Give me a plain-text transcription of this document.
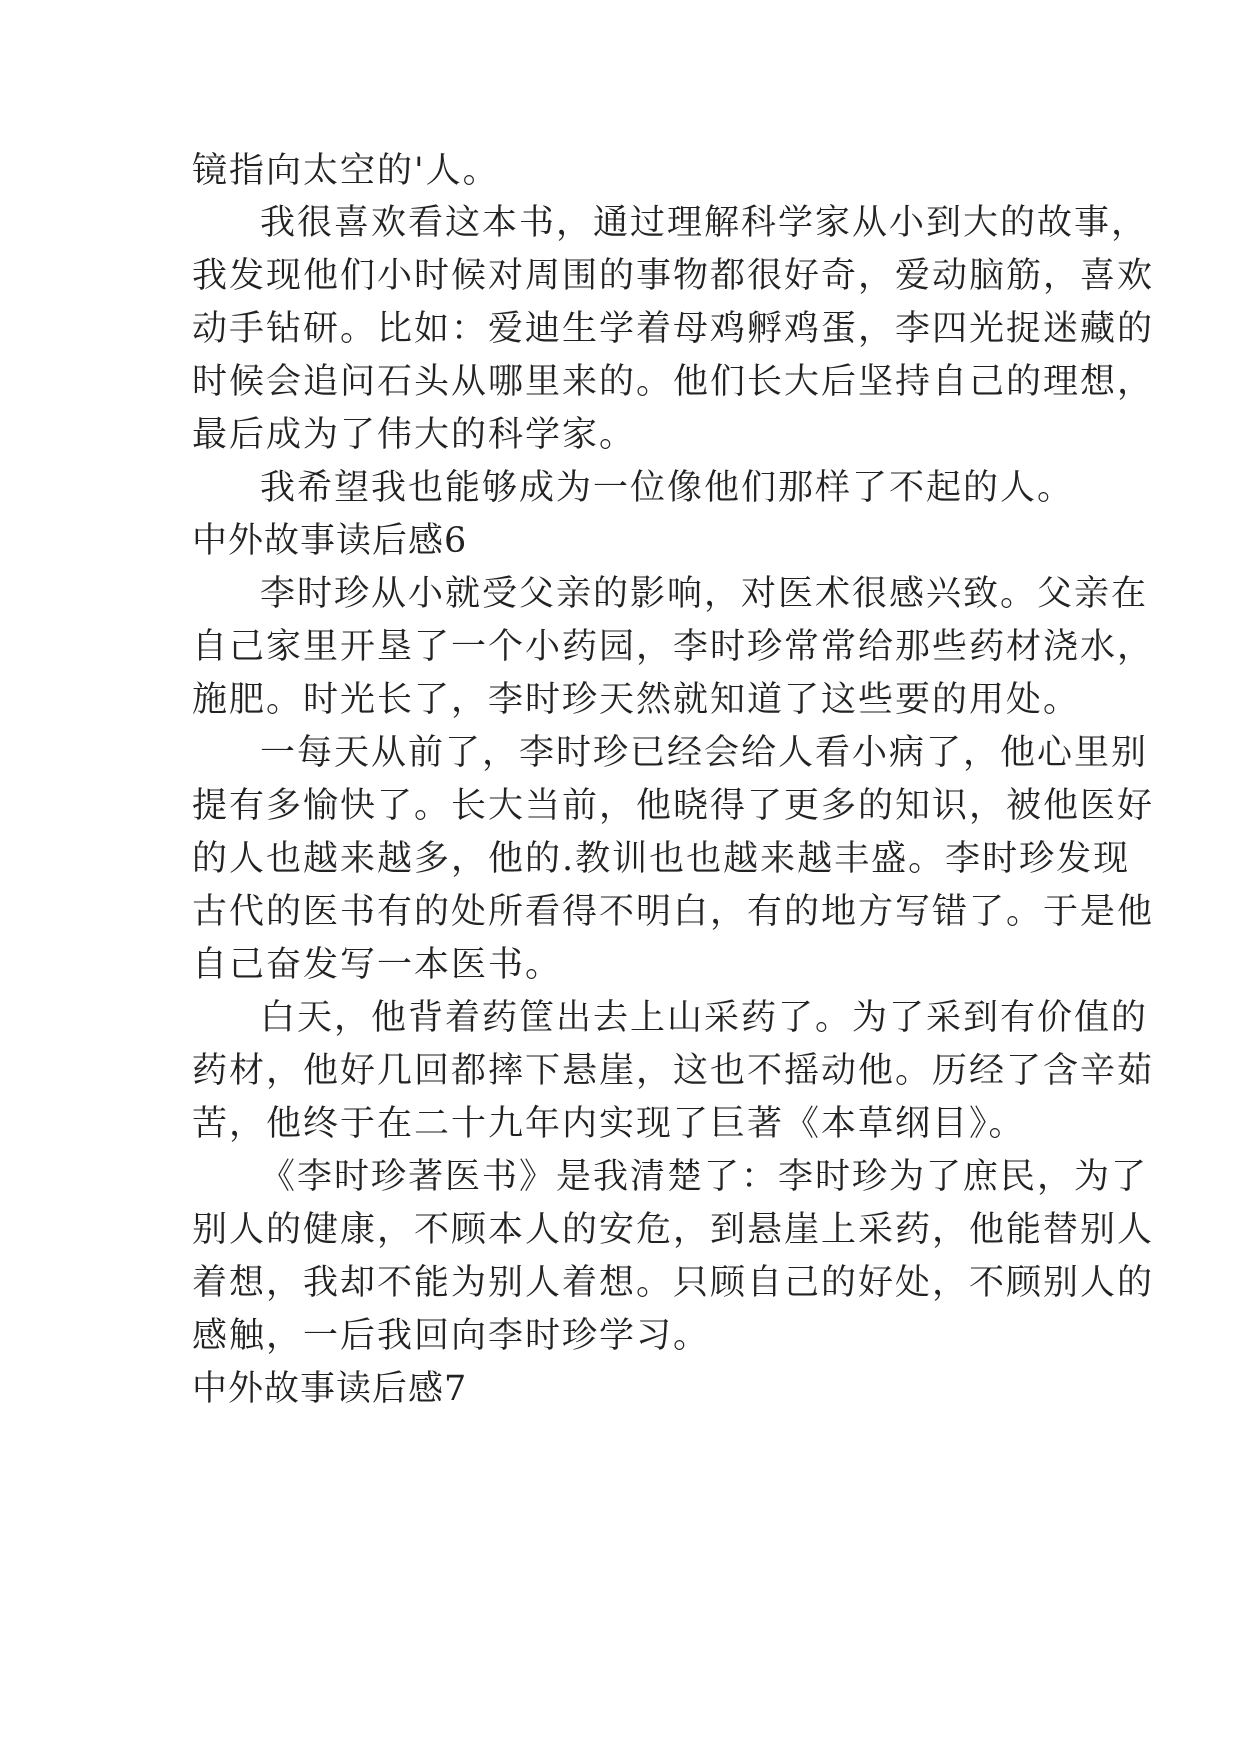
镜指向太空的'人。
我很喜欢看这本书，通过理解科学家从小到大的故事，
我发现他们小时候对周围的事物都很好奇，爱动脑筋，喜欢
动手钻研。比如：爱迪生学着母鸡孵鸡蛋，李四光捉迷藏的
时候会追问石头从哪里来的。他们长大后坚持自己的理想，
最后成为了伟大的科学家。
我希望我也能够成为一位像他们那样了不起的人。
中外故事读后感6
李时珍从小就受父亲的影响，对医术很感兴致。父亲在
自己家里开垦了一个小药园，李时珍常常给那些药材浇水，
施肥。时光长了，李时珍天然就知道了这些要的用处。
一每天从前了，李时珍已经会给人看小病了，他心里别
提有多愉快了。长大当前，他晓得了更多的知识，被他医好
的人也越来越多，他的.教训也也越来越丰盛。李时珍发现
古代的医书有的处所看得不明白，有的地方写错了。于是他
自己奋发写一本医书。
白天，他背着药筐出去上山采药了。为了采到有价值的
药材，他好几回都摔下悬崖，这也不摇动他。历经了含辛茹
苦，他终于在二十九年内实现了巨著《本草纲目》。
《李时珍著医书》是我清楚了：李时珍为了庶民，为了
别人的健康，不顾本人的安危，到悬崖上采药，他能替别人
着想，我却不能为别人着想。只顾自己的好处，不顾别人的
感触，一后我回向李时珍学习。
中外故事读后感7
